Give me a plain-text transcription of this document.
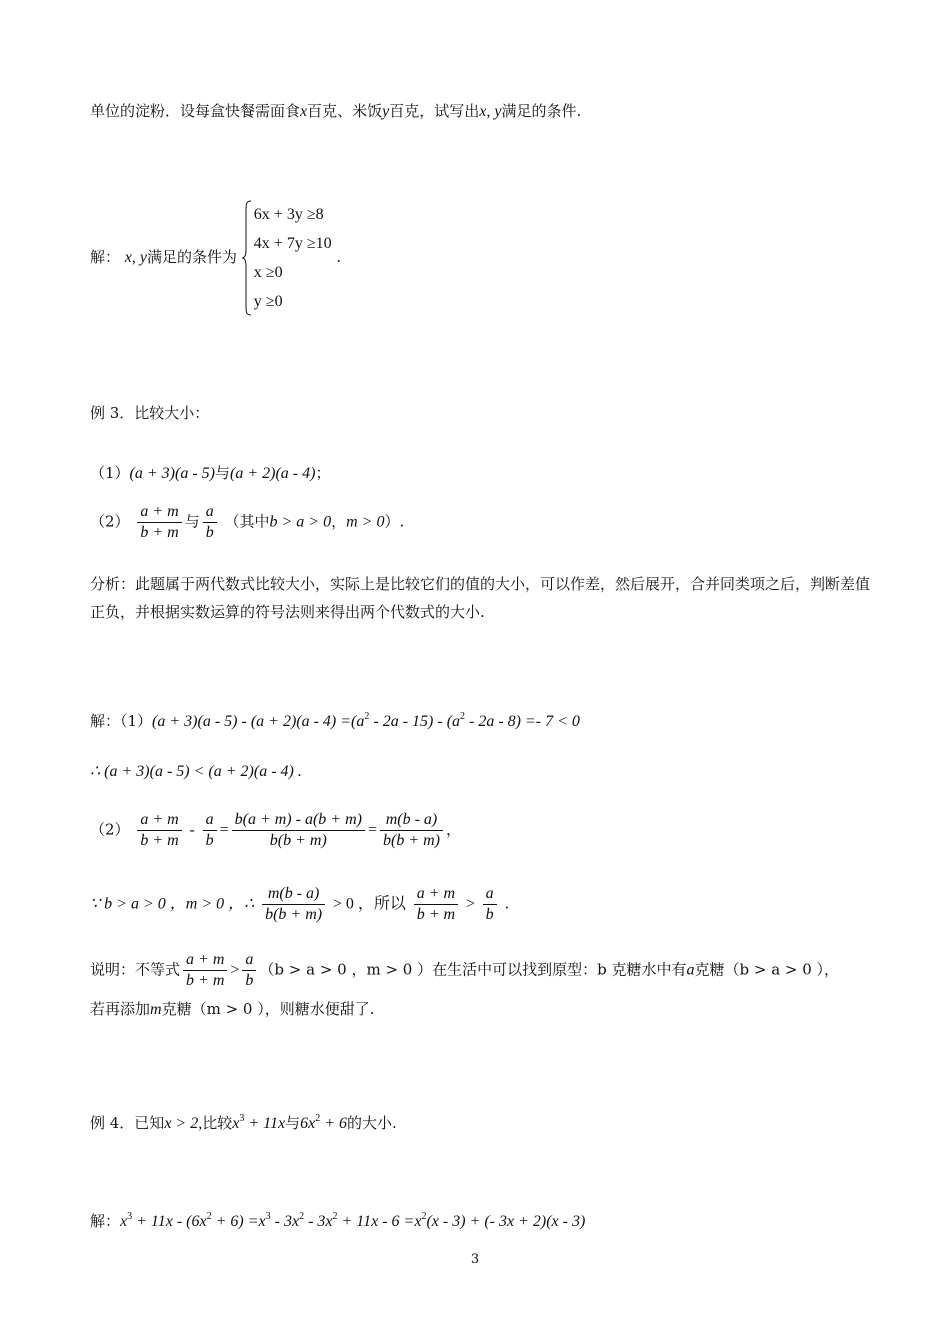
单位的淀粉．设每盒快餐需面食x百克、米饭y百克，试写出x, y满足的条件.
解： x, y满足的条件为
6x + 3y ≥8
4x + 7y ≥10
x ≥0
y ≥0
.
例 3．比较大小：
（1）(a + 3)(a - 5)与(a + 2)(a - 4)；
$(2) \frac{a + m}{b + m}$ 与 $\frac{a}{b}$ （其中b > a > 0，m > 0）.
分析：此题属于两代数式比较大小，实际上是比较它们的值的大小，可以作差，然后展开，合并同类项之后，判断差值正负，并根据实数运算的符号法则来得出两个代数式的大小.
解：$(1)(a + 3)(a - 5) - (a + 2)(a - 4) =(a^2 - 2a - 15) - (a^2 - 2a - 8) =- 7 < 0$
∴ (a + 3)(a - 5) < (a + 2)(a - 4) .
$(2) \frac{a + m}{b + m} - \frac{a}{b} = \frac{b(a + m) - a(b + m)}{b(b + m)} = \frac{m(b - a)}{b(b + m)}$ ，
∵ b > a > 0 ，m > 0 ，∴ $\frac{m(b - a)}{b(b + m)} > 0$ ，所以 $\frac{a + m}{b + m} > \frac{a}{b}$ .
说明：不等式 $\frac{a + m}{b + m} > \frac{a}{b} (b > a > 0$ ，m > 0 ）在生活中可以找到原型：b 克糖水中有a克糖（b > a > 0 ），
若再添加m克糖（m > 0 ），则糖水便甜了.
例 4．已知x > 2,比较$x^3 + 11x$与$6x^2 + 6$的大小.
解：$x^3 + 11x - (6x^2 + 6) =x^3 - 3x^2 - 3x^2 + 11x - 6 =x^2(x - 3)$ + (- 3x + 2)(x - 3)
3
